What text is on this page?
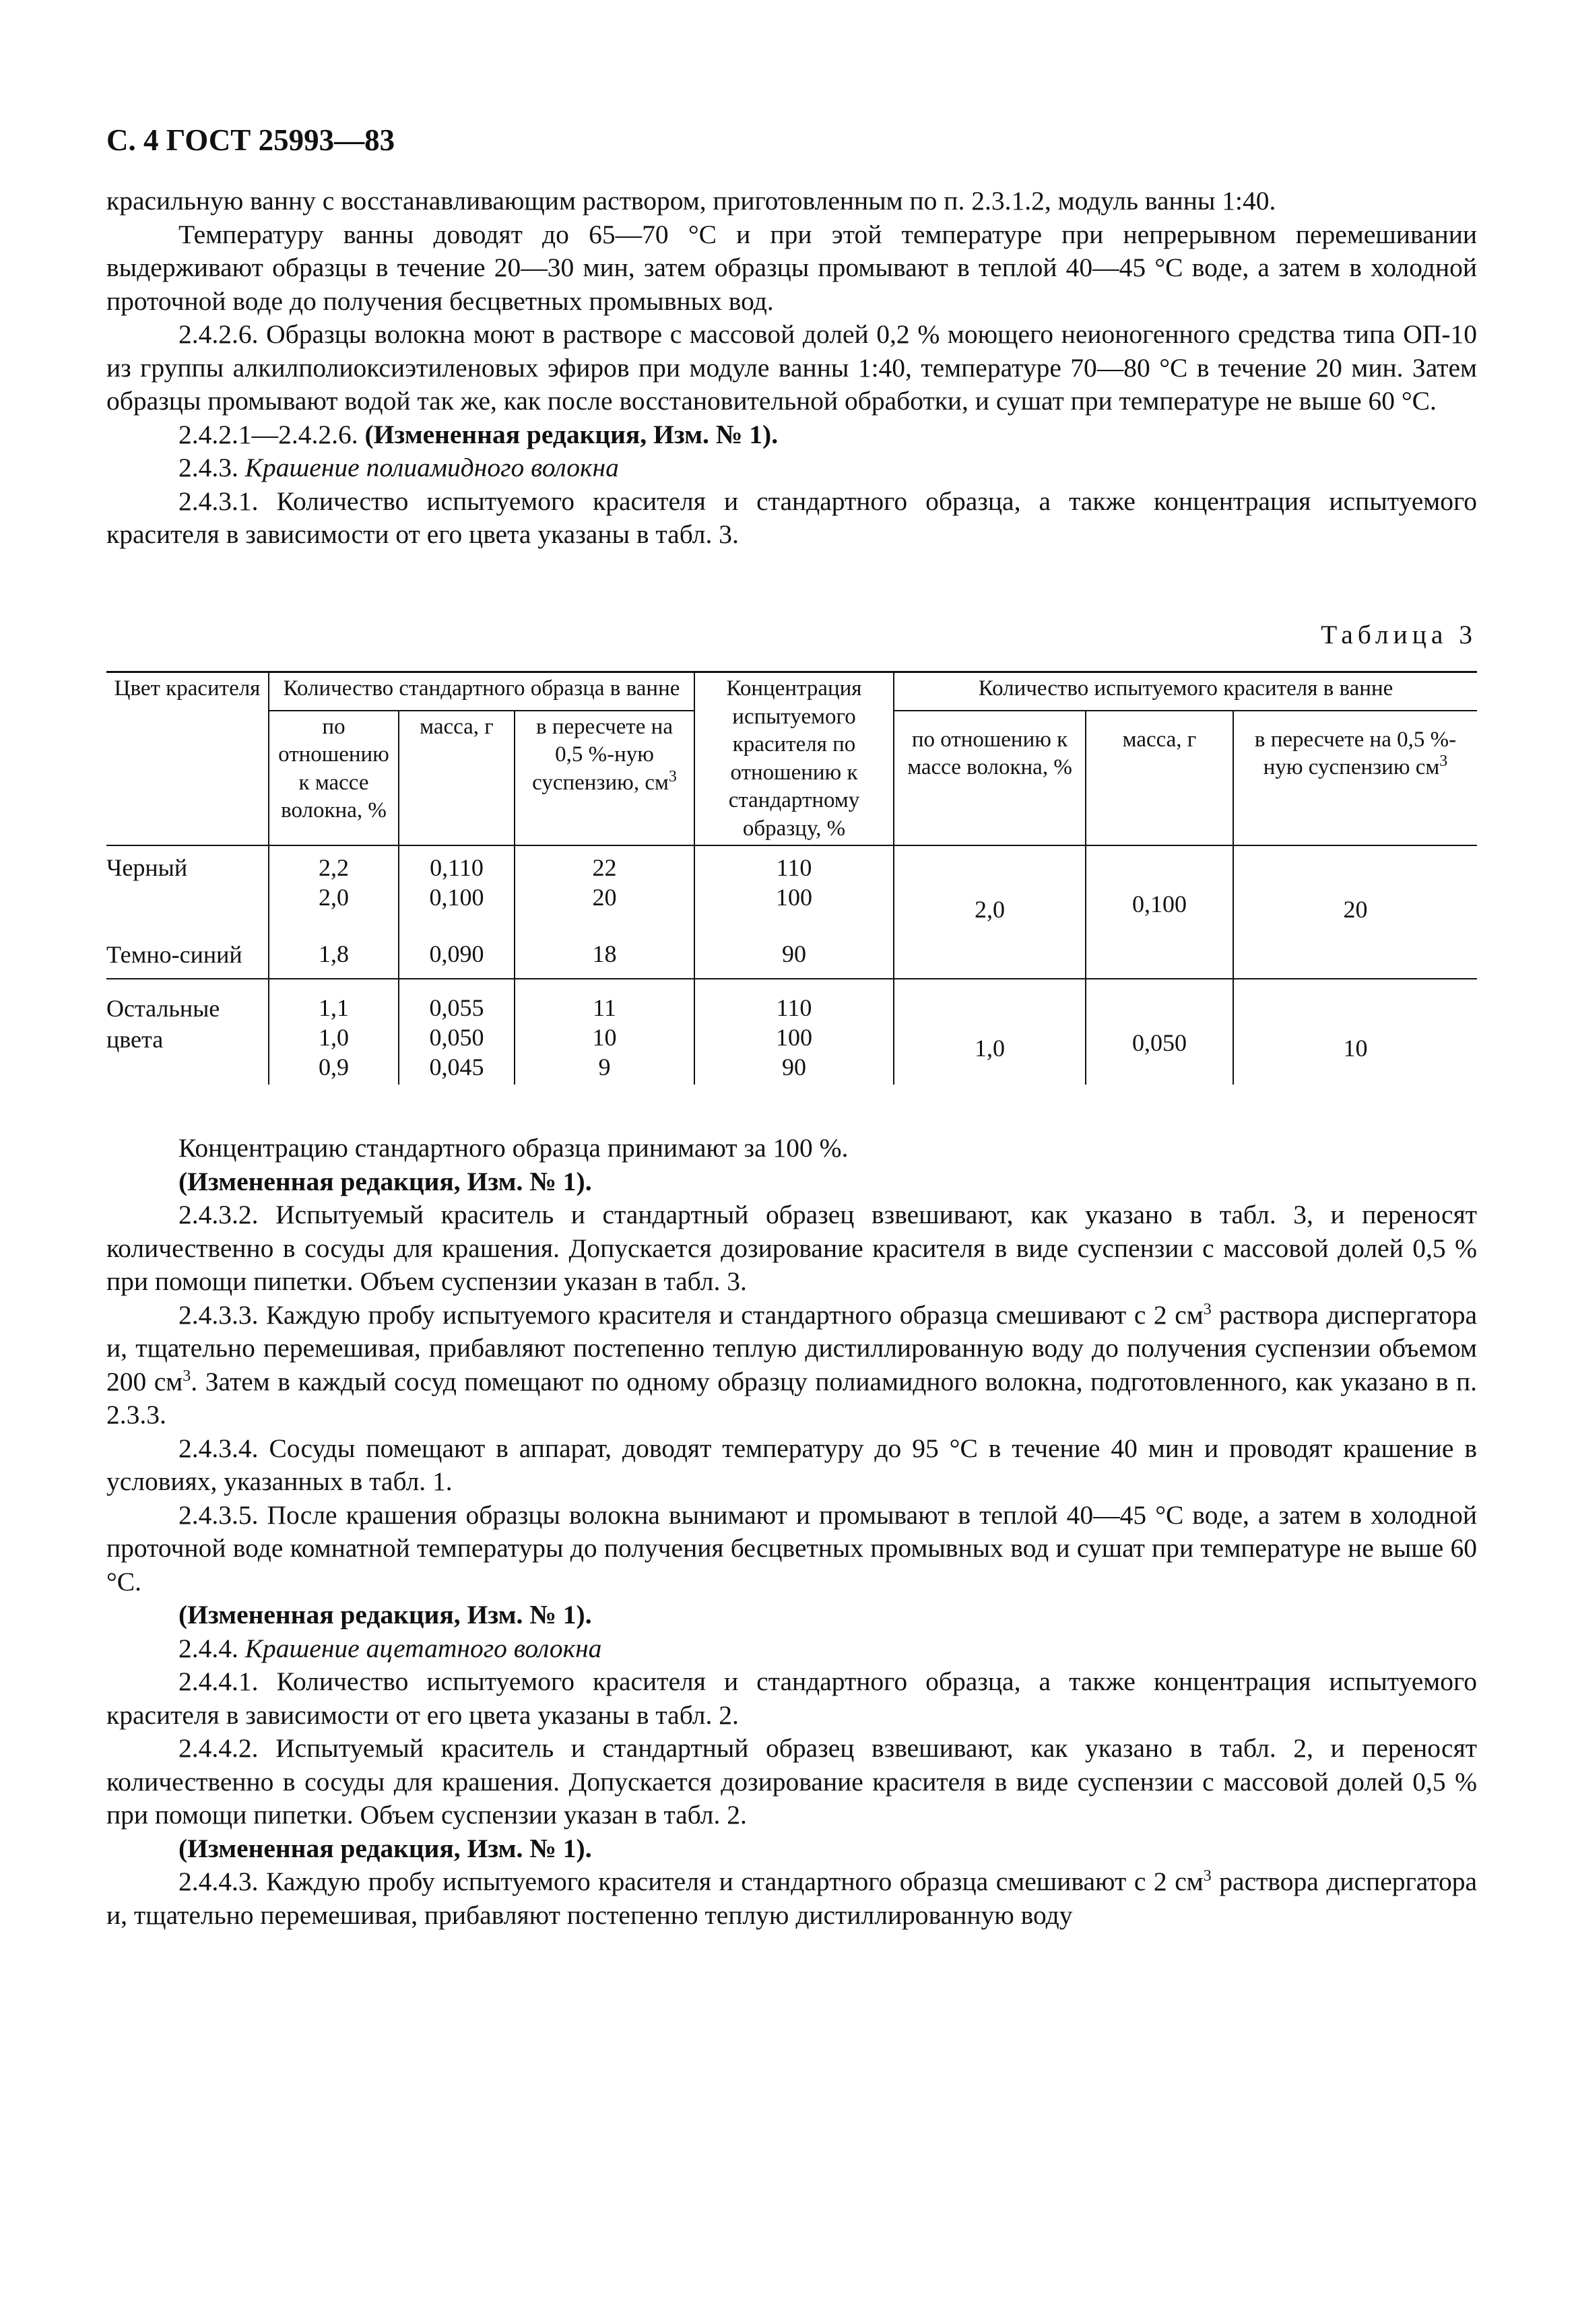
С. 4 ГОСТ 25993—83

красильную ванну с восстанавливающим раствором, приготовленным по п. 2.3.1.2, модуль ванны 1:40.

Температуру ванны доводят до 65—70 °С и при этой температуре при непрерывном перемешивании выдерживают образцы в течение 20—30 мин, затем образцы промывают в теплой 40—45 °С воде, а затем в холодной проточной воде до получения бесцветных промывных вод.

2.4.2.6. Образцы волокна моют в растворе с массовой долей 0,2 % моющего неионогенного средства типа ОП-10 из группы алкилполиоксиэтиленовых эфиров при модуле ванны 1:40, температуре 70—80 °С в течение 20 мин. Затем образцы промывают водой так же, как после восстановительной обработки, и сушат при температуре не выше 60 °С.

2.4.2.1—2.4.2.6. (Измененная редакция, Изм. № 1).

2.4.3. Крашение полиамидного волокна

2.4.3.1. Количество испытуемого красителя и стандартного образца, а также концентрация испытуемого красителя в зависимости от его цвета указаны в табл. 3.

Таблица 3
Цвет красителя	Количество стандартного образца в ванне			Концентрация испытуемого красителя по отношению к стандартному образцу, %	Количество испытуемого красителя в ванне		
	по отношению к массе волокна, %	масса, г	в пересчете на 0,5 %-ную суспензию, $см^3$		по отношению к массе волокна, %	масса, г	в пересчете на 0,5 %-ную суспензию $см^3$
Черный	2,2	0,110	22	110	2,0	0,100	20
	2,0	0,100	20	100			
Темно-синий	1,8	0,090	18	90			
Остальные цвета	1,1	0,055	11	110	1,0	0,050	10
	1,0	0,050	10	100			
	0,9	0,045	9	90			

Концентрацию стандартного образца принимают за 100 %.

(Измененная редакция, Изм. № 1).

2.4.3.2. Испытуемый краситель и стандартный образец взвешивают, как указано в табл. 3, и переносят количественно в сосуды для крашения. Допускается дозирование красителя в виде суспензии с массовой долей 0,5 % при помощи пипетки. Объем суспензии указан в табл. 3.

2.4.3.3. Каждую пробу испытуемого красителя и стандартного образца смешивают с 2 $см^3$ раствора диспергатора и, тщательно перемешивая, прибавляют постепенно теплую дистиллированную воду до получения суспензии объемом 200 $см^3$. Затем в каждый сосуд помещают по одному образцу полиамидного волокна, подготовленного, как указано в п. 2.3.3.

2.4.3.4. Сосуды помещают в аппарат, доводят температуру до 95 °С в течение 40 мин и проводят крашение в условиях, указанных в табл. 1.

2.4.3.5. После крашения образцы волокна вынимают и промывают в теплой 40—45 °С воде, а затем в холодной проточной воде комнатной температуры до получения бесцветных промывных вод и сушат при температуре не выше 60 °С.

(Измененная редакция, Изм. № 1).

2.4.4. Крашение ацетатного волокна

2.4.4.1. Количество испытуемого красителя и стандартного образца, а также концентрация испытуемого красителя в зависимости от его цвета указаны в табл. 2.

2.4.4.2. Испытуемый краситель и стандартный образец взвешивают, как указано в табл. 2, и переносят количественно в сосуды для крашения. Допускается дозирование красителя в виде суспензии с массовой долей 0,5 % при помощи пипетки. Объем суспензии указан в табл. 2.

(Измененная редакция, Изм. № 1).

2.4.4.3. Каждую пробу испытуемого красителя и стандартного образца смешивают с 2 $см^3$ раствора диспергатора и, тщательно перемешивая, прибавляют постепенно теплую дистиллированную воду
